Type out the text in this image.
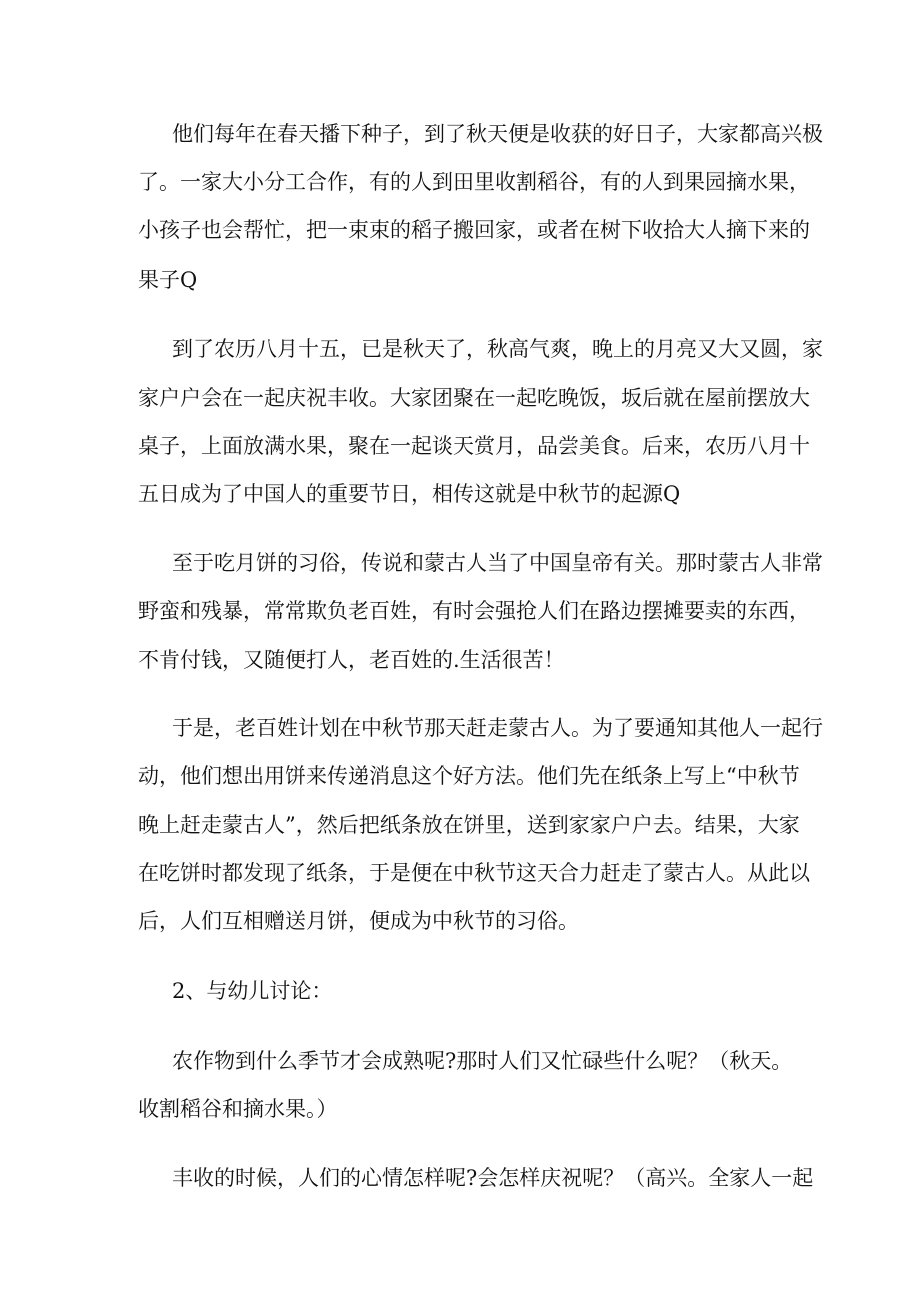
他们每年在春天播下种子，到了秋天便是收获的好日子，大家都高兴极
了。一家大小分工合作，有的人到田里收割稻谷，有的人到果园摘水果，
小孩子也会帮忙，把一束束的稻子搬回家，或者在树下收拾大人摘下来的
果子Q
到了农历八月十五，已是秋天了，秋高气爽，晚上的月亮又大又圆，家
家户户会在一起庆祝丰收。大家团聚在一起吃晚饭，坂后就在屋前摆放大
桌子，上面放满水果，聚在一起谈天赏月，品尝美食。后来，农历八月十
五日成为了中国人的重要节日，相传这就是中秋节的起源Q
至于吃月饼的习俗，传说和蒙古人当了中国皇帝有关。那时蒙古人非常
野蛮和残暴，常常欺负老百姓，有时会强抢人们在路边摆摊要卖的东西，
不肯付钱，又随便打人，老百姓的.生活很苦！
于是，老百姓计划在中秋节那天赶走蒙古人。为了要通知其他人一起行
动，他们想出用饼来传递消息这个好方法。他们先在纸条上写上“中秋节
晚上赶走蒙古人”，然后把纸条放在饼里，送到家家户户去。结果，大家
在吃饼时都发现了纸条，于是便在中秋节这天合力赶走了蒙古人。从此以
后，人们互相赠送月饼，便成为中秋节的习俗。
2、与幼儿讨论：
农作物到什么季节才会成熟呢?那时人们又忙碌些什么呢？（秋天。
收割稻谷和摘水果。）
丰收的时候，人们的心情怎样呢?会怎样庆祝呢？（高兴。全家人一起
